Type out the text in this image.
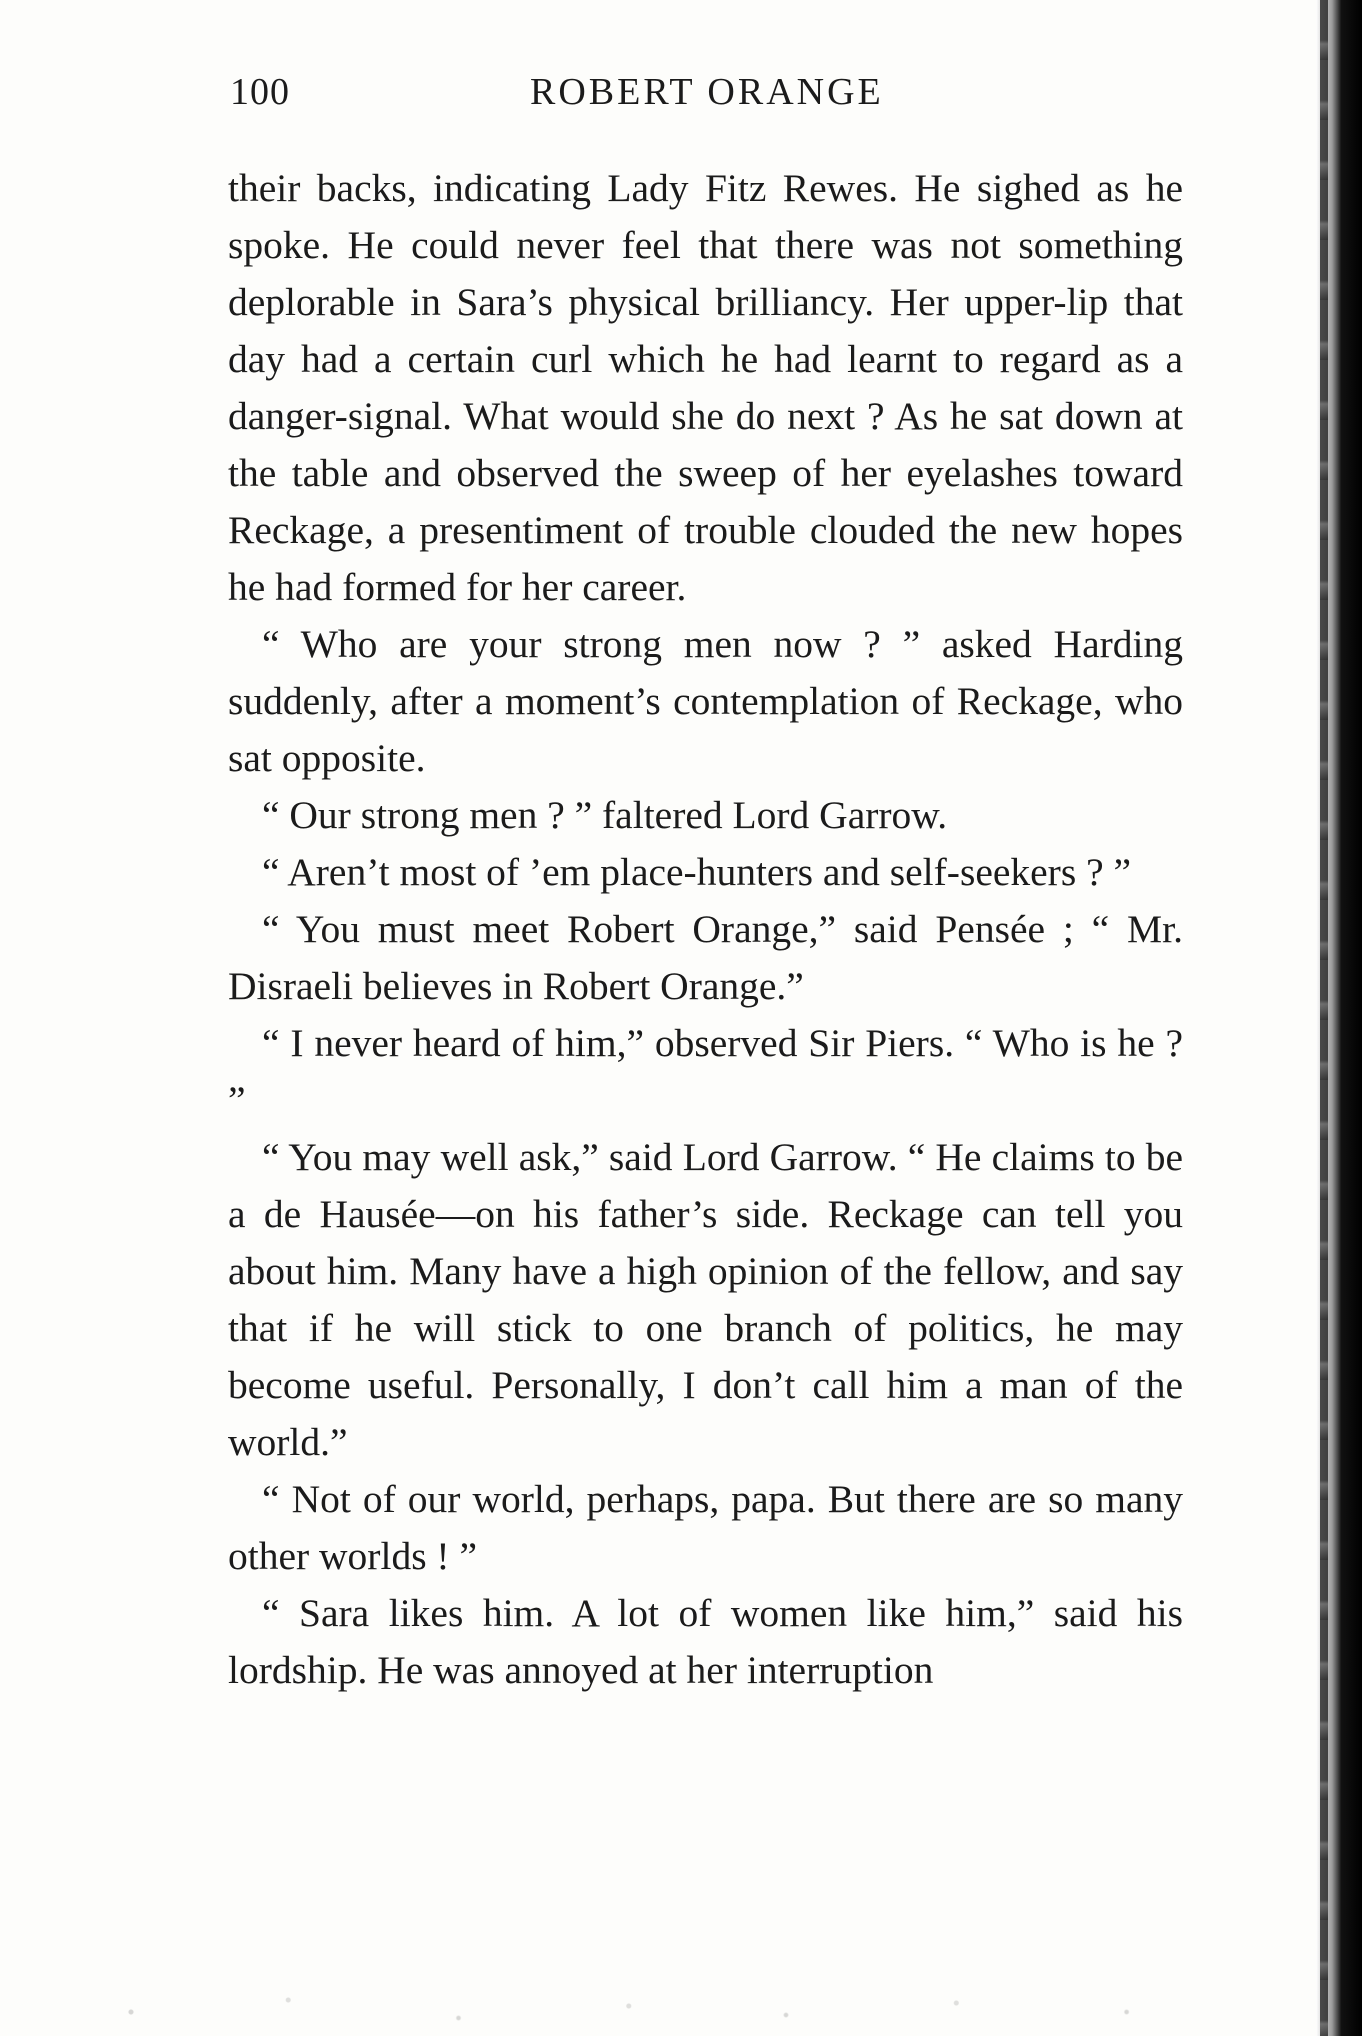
100	ROBERT ORANGE

their backs, indicating Lady Fitz Rewes. He sighed as he spoke. He could never feel that there was not something deplorable in Sara’s physical brilliancy. Her upper-lip that day had a certain curl which he had learnt to regard as a danger-signal. What would she do next ? As he sat down at the table and observed the sweep of her eyelashes toward Reckage, a presentiment of trouble clouded the new hopes he had formed for her career.

“ Who are your strong men now ? ” asked Harding suddenly, after a moment’s contemplation of Reckage, who sat opposite.

“ Our strong men ? ” faltered Lord Garrow.

“ Aren’t most of ’em place-hunters and self-seekers ? ”

“ You must meet Robert Orange,” said Pensée ; “ Mr. Disraeli believes in Robert Orange.”

“ I never heard of him,” observed Sir Piers. “ Who is he ? ”

“ You may well ask,” said Lord Garrow. “ He claims to be a de Hausée—on his father’s side. Reckage can tell you about him. Many have a high opinion of the fellow, and say that if he will stick to one branch of politics, he may become useful. Personally, I don’t call him a man of the world.”

“ Not of our world, perhaps, papa. But there are so many other worlds ! ”

“ Sara likes him. A lot of women like him,” said his lordship. He was annoyed at her interruption
